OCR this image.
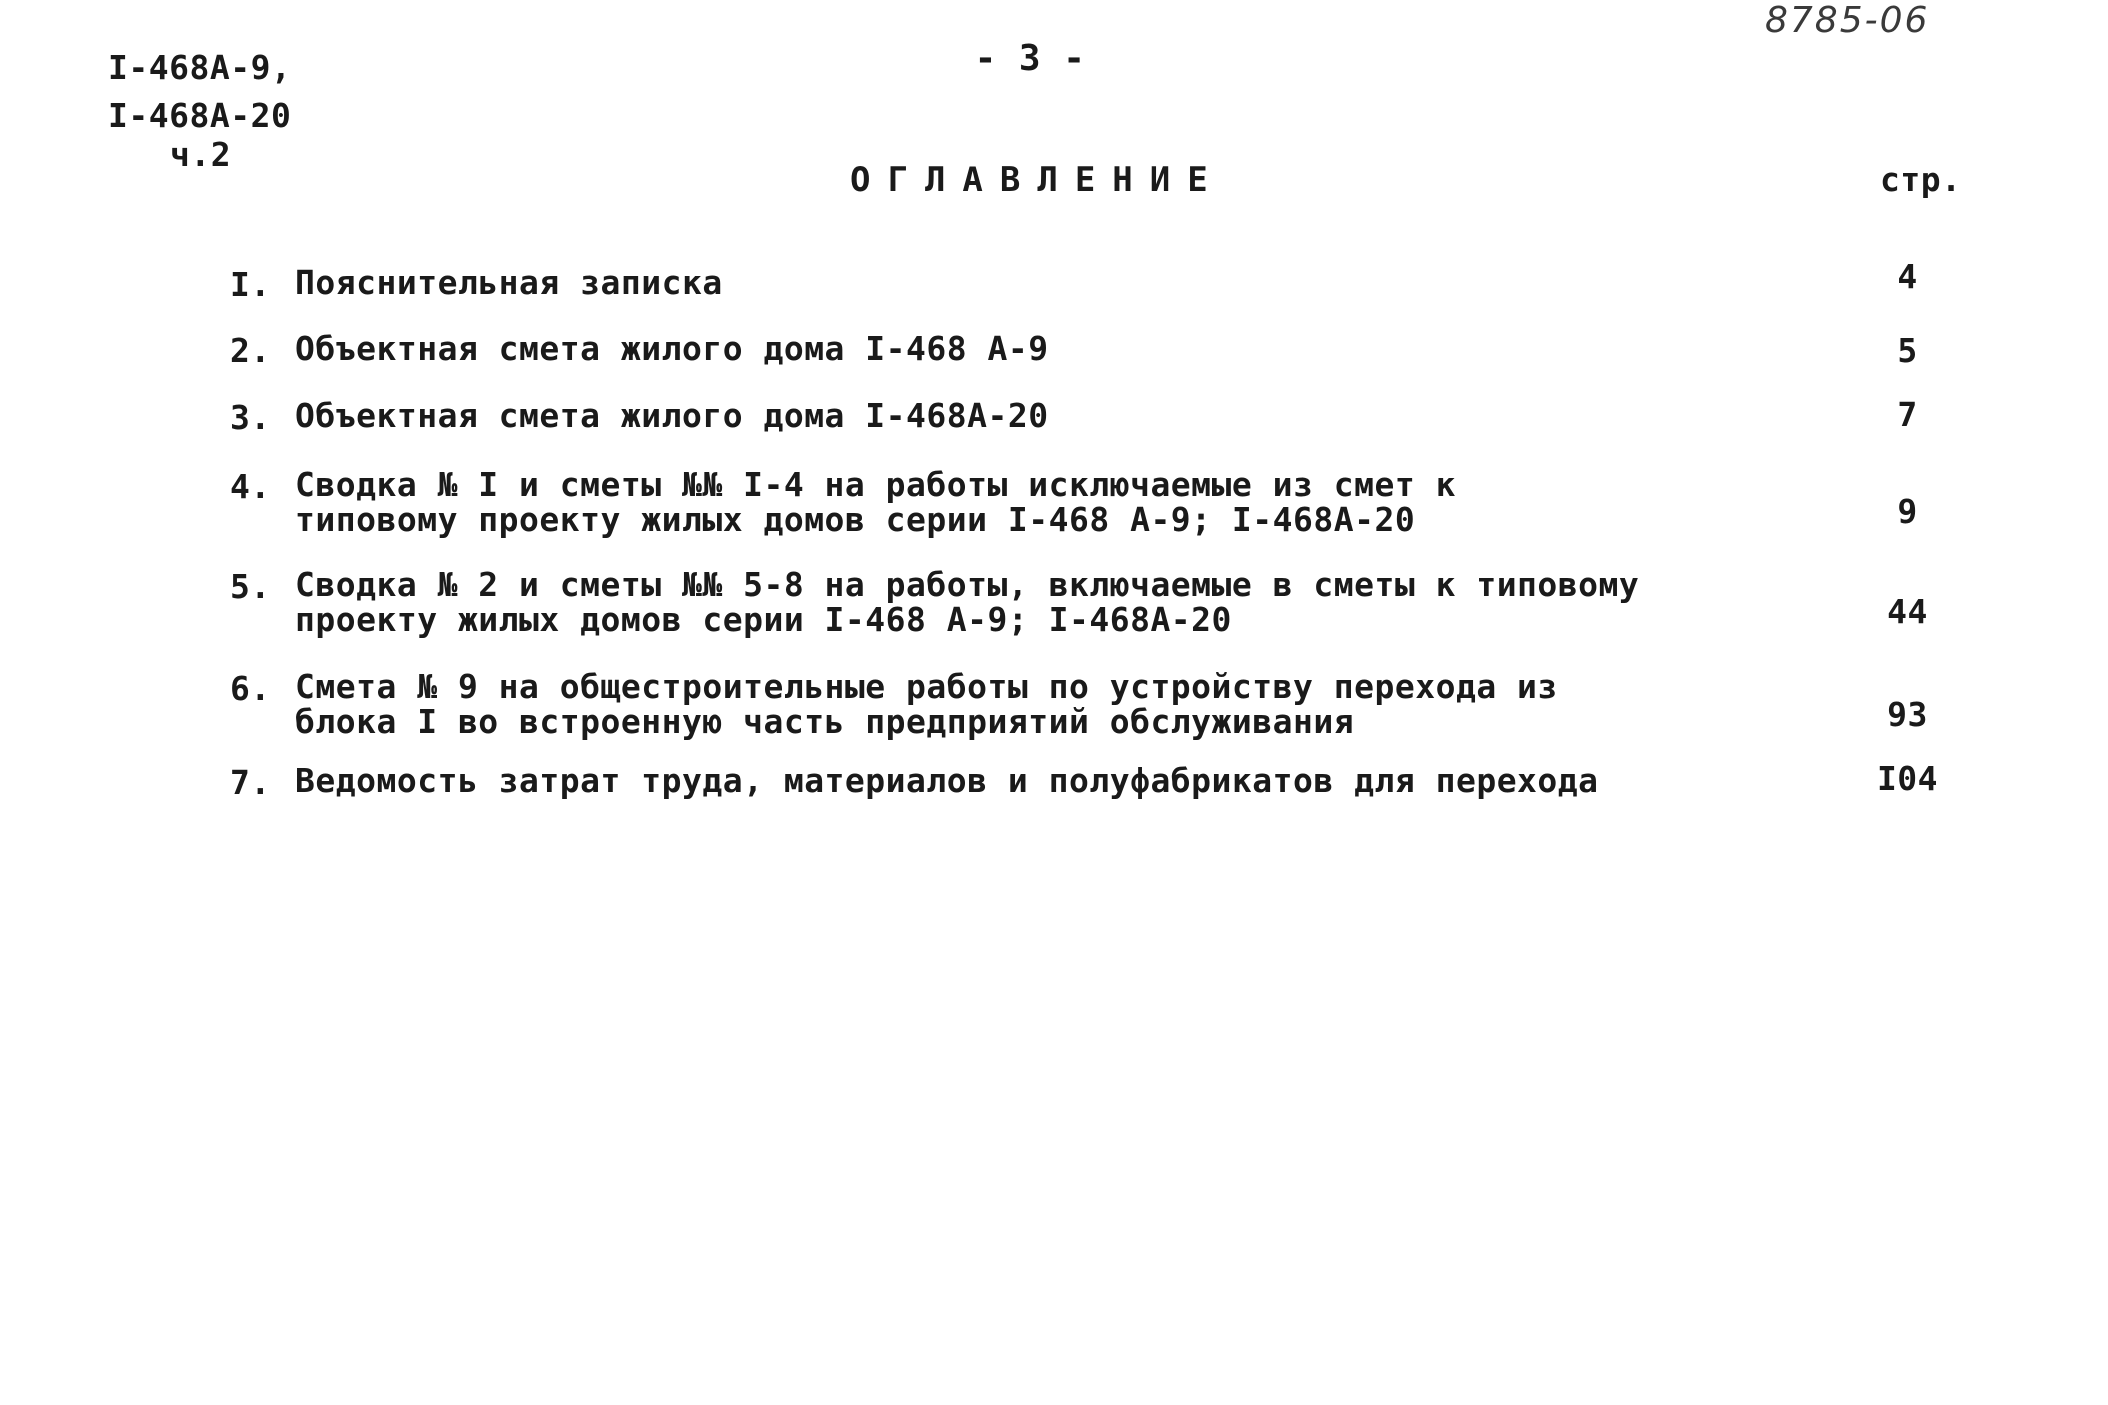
8785-06
I-468A-9,
I-468A-20
ч.2
- 3 -
ОГЛАВЛЕНИЕ	стр.
I. Пояснительная записка	4
2. Объектная смета жилого дома I-468 А-9	5
3. Объектная смета жилого дома I-468А-20	7
4. Сводка № I и сметы №№ I-4 на работы исключаемые из смет к
типовому проекту жилых домов серии I-468 А-9; I-468А-20	9
5. Сводка № 2 и сметы №№ 5-8 на работы, включаемые в сметы к типовому
проекту жилых домов серии I-468 А-9; I-468А-20	44
6. Смета № 9 на общестроительные работы по устройству перехода из
блока I во встроенную часть предприятий обслуживания	93
7. Ведомость затрат труда, материалов и полуфабрикатов для перехода	I04
